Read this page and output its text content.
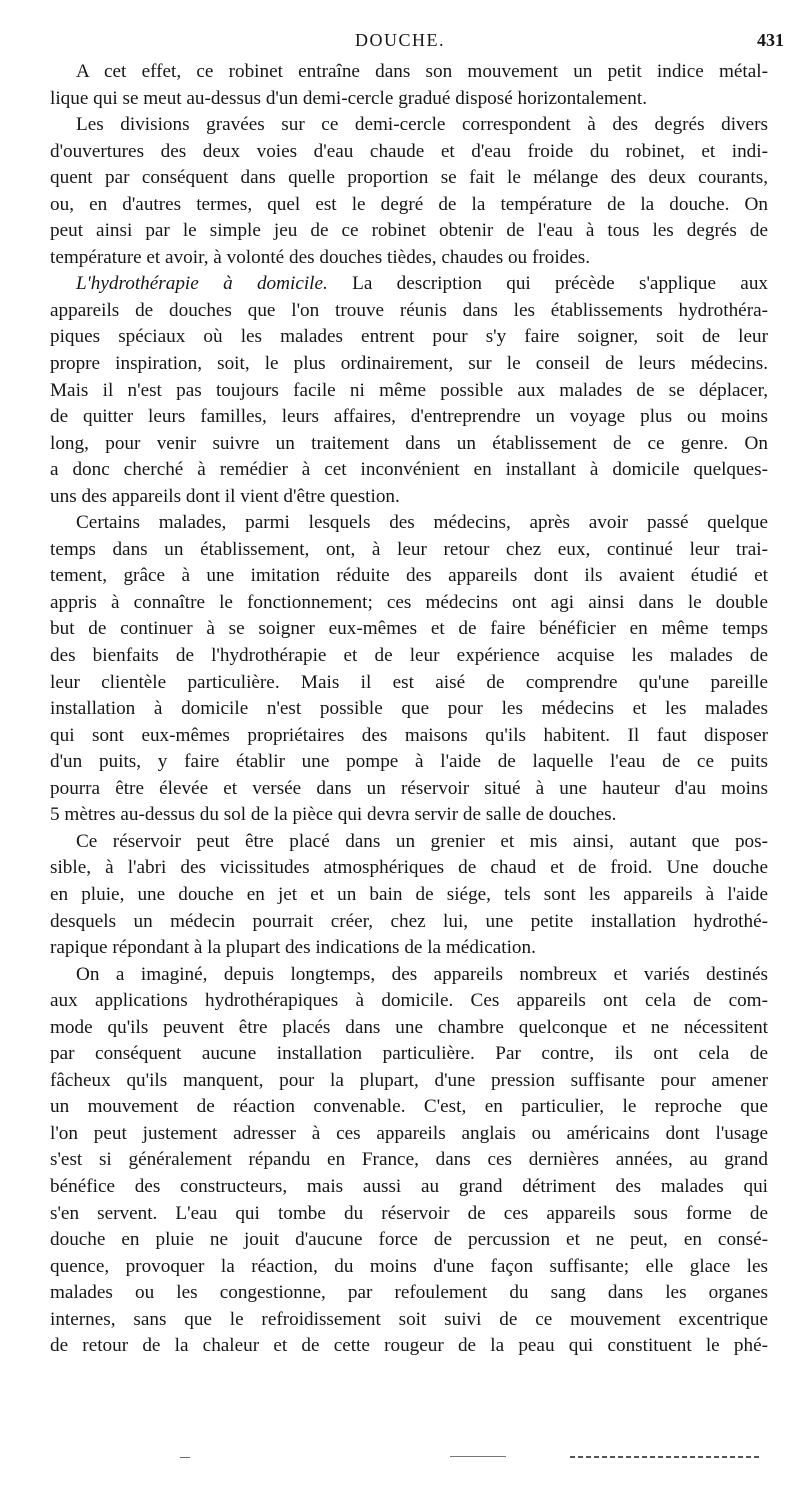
DOUCHE.	431
A cet effet, ce robinet entraîne dans son mouvement un petit indice métal-
lique qui se meut au-dessus d'un demi-cercle gradué disposé horizontalement.
Les divisions gravées sur ce demi-cercle correspondent à des degrés divers
d'ouvertures des deux voies d'eau chaude et d'eau froide du robinet, et indi-
quent par conséquent dans quelle proportion se fait le mélange des deux courants,
ou, en d'autres termes, quel est le degré de la température de la douche. On
peut ainsi par le simple jeu de ce robinet obtenir de l'eau à tous les degrés de
température et avoir, à volonté des douches tièdes, chaudes ou froides.
L'hydrothérapie à domicile. La description qui précède s'applique aux
appareils de douches que l'on trouve réunis dans les établissements hydrothéra-
piques spéciaux où les malades entrent pour s'y faire soigner, soit de leur
propre inspiration, soit, le plus ordinairement, sur le conseil de leurs médecins.
Mais il n'est pas toujours facile ni même possible aux malades de se déplacer,
de quitter leurs familles, leurs affaires, d'entreprendre un voyage plus ou moins
long, pour venir suivre un traitement dans un établissement de ce genre. On
a donc cherché à remédier à cet inconvénient en installant à domicile quelques-
uns des appareils dont il vient d'être question.
Certains malades, parmi lesquels des médecins, après avoir passé quelque
temps dans un établissement, ont, à leur retour chez eux, continué leur trai-
tement, grâce à une imitation réduite des appareils dont ils avaient étudié et
appris à connaître le fonctionnement; ces médecins ont agi ainsi dans le double
but de continuer à se soigner eux-mêmes et de faire bénéficier en même temps
des bienfaits de l'hydrothérapie et de leur expérience acquise les malades de
leur clientèle particulière. Mais il est aisé de comprendre qu'une pareille
installation à domicile n'est possible que pour les médecins et les malades
qui sont eux-mêmes propriétaires des maisons qu'ils habitent. Il faut disposer
d'un puits, y faire établir une pompe à l'aide de laquelle l'eau de ce puits
pourra être élevée et versée dans un réservoir situé à une hauteur d'au moins
5 mètres au-dessus du sol de la pièce qui devra servir de salle de douches.
Ce réservoir peut être placé dans un grenier et mis ainsi, autant que pos-
sible, à l'abri des vicissitudes atmosphériques de chaud et de froid. Une douche
en pluie, une douche en jet et un bain de siége, tels sont les appareils à l'aide
desquels un médecin pourrait créer, chez lui, une petite installation hydrothé-
rapique répondant à la plupart des indications de la médication.
On a imaginé, depuis longtemps, des appareils nombreux et variés destinés
aux applications hydrothérapiques à domicile. Ces appareils ont cela de com-
mode qu'ils peuvent être placés dans une chambre quelconque et ne nécessitent
par conséquent aucune installation particulière. Par contre, ils ont cela de
fâcheux qu'ils manquent, pour la plupart, d'une pression suffisante pour amener
un mouvement de réaction convenable. C'est, en particulier, le reproche que
l'on peut justement adresser à ces appareils anglais ou américains dont l'usage
s'est si généralement répandu en France, dans ces dernières années, au grand
bénéfice des constructeurs, mais aussi au grand détriment des malades qui
s'en servent. L'eau qui tombe du réservoir de ces appareils sous forme de
douche en pluie ne jouit d'aucune force de percussion et ne peut, en consé-
quence, provoquer la réaction, du moins d'une façon suffisante; elle glace les
malades ou les congestionne, par refoulement du sang dans les organes
internes, sans que le refroidissement soit suivi de ce mouvement excentrique
de retour de la chaleur et de cette rougeur de la peau qui constituent le phé-
